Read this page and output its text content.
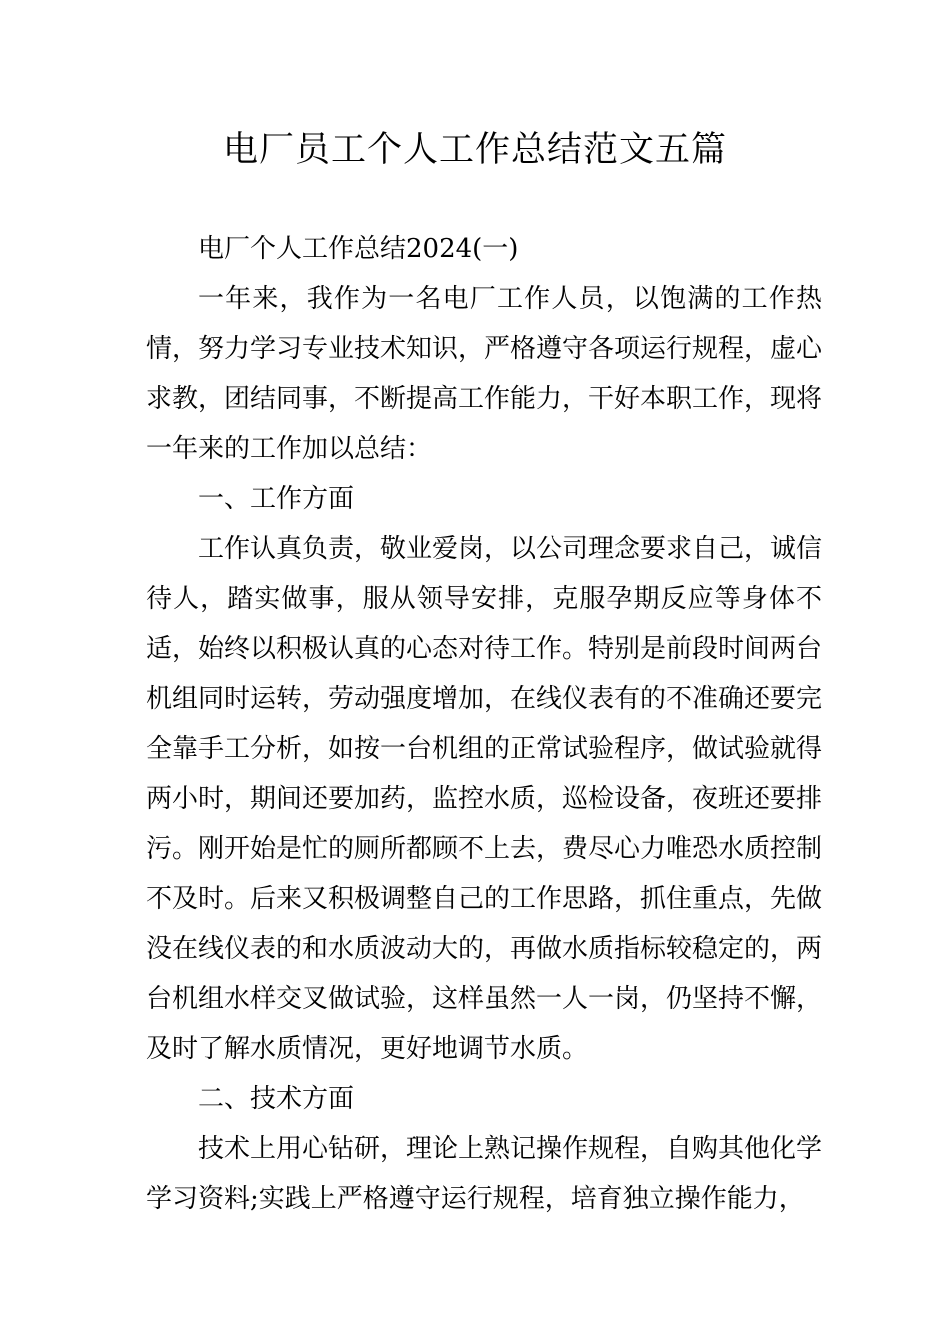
电厂员工个人工作总结范文五篇

电厂个人工作总结2024(一)

一年来，我作为一名电厂工作人员，以饱满的工作热情，努力学习专业技术知识，严格遵守各项运行规程，虚心求教，团结同事，不断提高工作能力，干好本职工作，现将一年来的工作加以总结：

一、工作方面

工作认真负责，敬业爱岗，以公司理念要求自己，诚信待人，踏实做事，服从领导安排，克服孕期反应等身体不适，始终以积极认真的心态对待工作。特别是前段时间两台机组同时运转，劳动强度增加，在线仪表有的不准确还要完全靠手工分析，如按一台机组的正常试验程序，做试验就得两小时，期间还要加药，监控水质，巡检设备，夜班还要排污。刚开始是忙的厕所都顾不上去，费尽心力唯恐水质控制不及时。后来又积极调整自己的工作思路，抓住重点，先做没在线仪表的和水质波动大的，再做水质指标较稳定的，两台机组水样交叉做试验，这样虽然一人一岗，仍坚持不懈，及时了解水质情况，更好地调节水质。

二、技术方面

技术上用心钻研，理论上熟记操作规程，自购其他化学学习资料;实践上严格遵守运行规程，培育独立操作能力，
